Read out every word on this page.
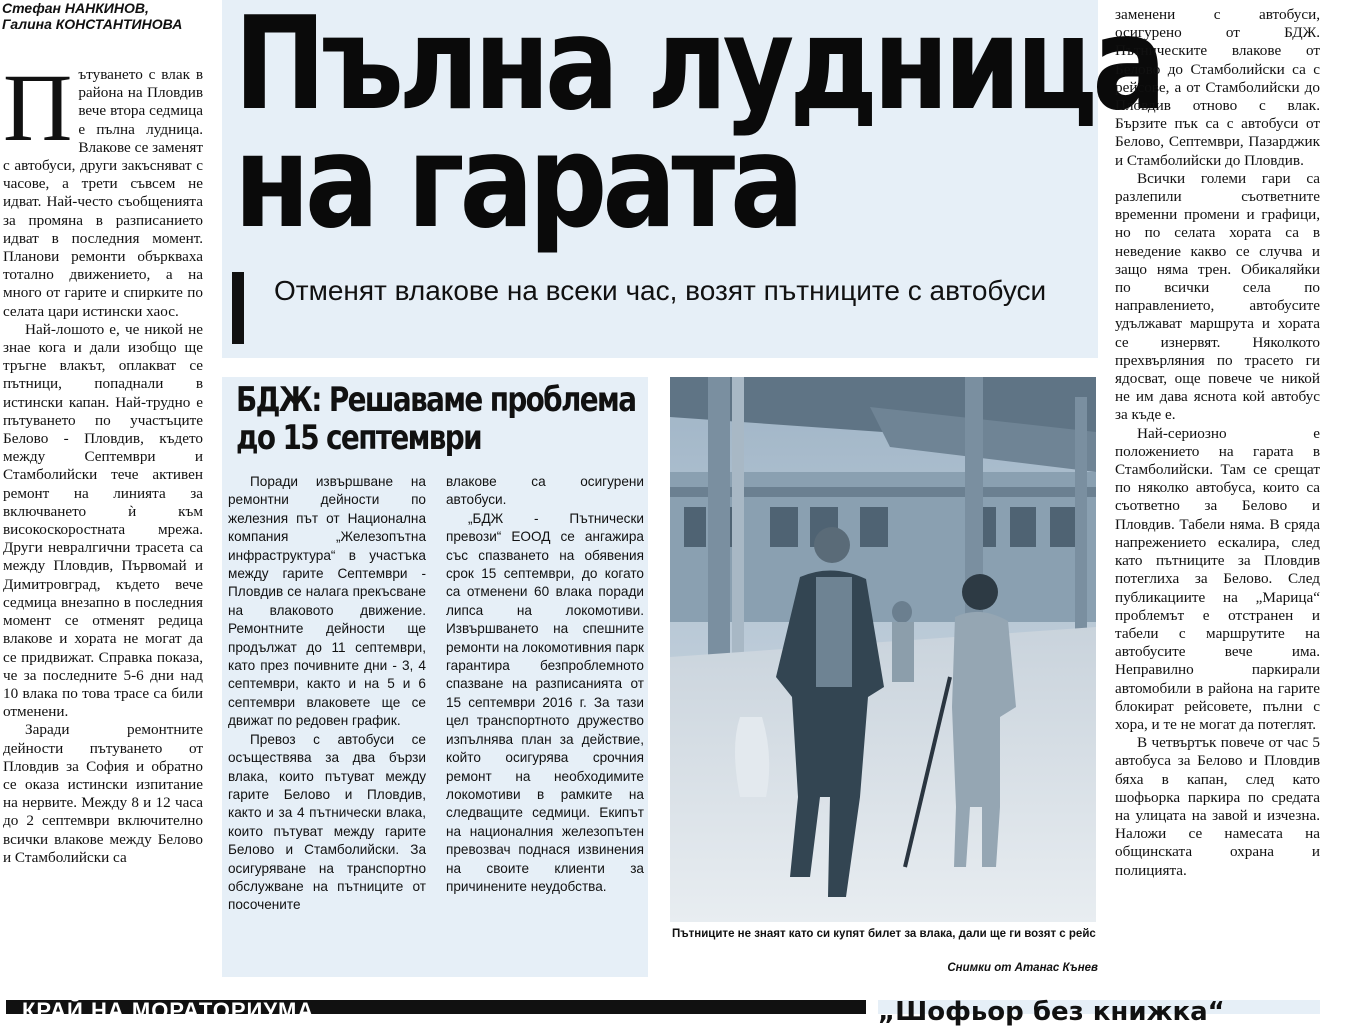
Стефан НАНКИНОВ,
Галина КОНСТАНТИНОВА

Пътуването с влак в района на Пловдив вече втора седмица е пълна лудница. Влакове се заменят с автобуси, други закъсняват с часове, а трети съвсем не идват. Най-често съобщенията за промяна в разписанието идват в последния момент. Планови ремонти объркваха тотално движението, а на много от гарите и спирките по селата цари истински хаос.

Най-лошото е, че никой не знае кога и дали изобщо ще тръгне влакът, оплакват се пътници, попаднали в истински капан. Най-трудно е пътуването по участъците Белово - Пловдив, където между Септември и Стамболийски тече активен ремонт на линията за включването ѝ към високоскоростната мрежа. Други невралгични трасета са между Пловдив, Първомай и Димитровград, където вече седмица внезапно в последния момент се отменят редица влакове и хората не могат да се придвижат. Справка показа, че за последните 5-6 дни над 10 влака по това трасе са били отменени.

Заради ремонтните дейности пътуването от Пловдив за София и обратно се оказа истински изпитание на нервите. Между 8 и 12 часа до 2 септември включително всички влакове между Белово и Стамболийски са

Пълна лудница
на гарата
Отменят влакове на всеки час, возят пътниците с автобуси
БДЖ: Решаваме проблема
до 15 септември

Поради извършване на ремонтни дейности по железния път от Национална компания „Железопътна инфраструктура“ в участъка между гарите Септември - Пловдив се налага прекъсване на влаковото движение. Ремонтните дейности ще продължат до 11 септември, като през почивните дни - 3, 4 септември, както и на 5 и 6 септември влаковете ще се движат по редовен график.

Превоз с автобуси се осъществява за два бързи влака, които пътуват между гарите Белово и Пловдив, както и за 4 пътнически влака, които пътуват между гарите Белово и Стамболийски. За осигуряване на транспортно обслужване на пътниците от посочените

влакове са осигурени автобуси.

„БДЖ - Пътнически превози“ ЕООД се ангажира със спазването на обявения срок 15 септември, до когато са отменени 60 влака поради липса на локомотиви. Извършването на спешните ремонти на локомотивния парк гарантира безпроблемното спазване на разписанията от 15 септември 2016 г. За тази цел транспортното дружество изпълнява план за действие, който осигурява срочния ремонт на необходимите локомотиви в рамките на следващите седмици. Екипът на националния железопътен превозвач поднася извинения на своите клиенти за причинените неудобства.

Пътниците не знаят като си купят билет за влака, дали ще ги возят с рейс
Снимки от Атанас Кънев

заменени с автобуси, осигурено от БДЖ. Пътническите влакове от Белово до Стамболийски са с рейсове, а от Стамболийски до Пловдив отново с влак. Бързите пък са с автобуси от Белово, Септември, Пазарджик и Стамболийски до Пловдив.

Всички големи гари са разлепили съответните временни промени и графици, но по селата хората са в неведение какво се случва и защо няма трен. Обикаляйки по всички села по направлението, автобусите удължават маршрута и хората се изнервят. Няколкото прехвърляния по трасето ги ядосват, още повече че никой не им дава яснота кой автобус за къде е.

Най-сериозно е положението на гарата в Стамболийски. Там се срещат по няколко автобуса, които са съответно за Белово и Пловдив. Табели няма. В сряда напрежението ескалира, след като пътниците за Пловдив потеглиха за Белово. След публикациите на „Марица“ проблемът е отстранен и табели с маршрутите на автобусите вече има. Неправилно паркирали автомобили в района на гарите блокират рейсовете, пълни с хора, и те не могат да потеглят.

В четвъртък повече от час 5 автобуса за Белово и Пловдив бяха в капан, след като шофьорка паркира по средата на улицата на завой и изчезна. Наложи се намесата на общинската охрана и полицията.

КРАЙ НА МОРАТОРИУМА	„Шофьор без книжка“
